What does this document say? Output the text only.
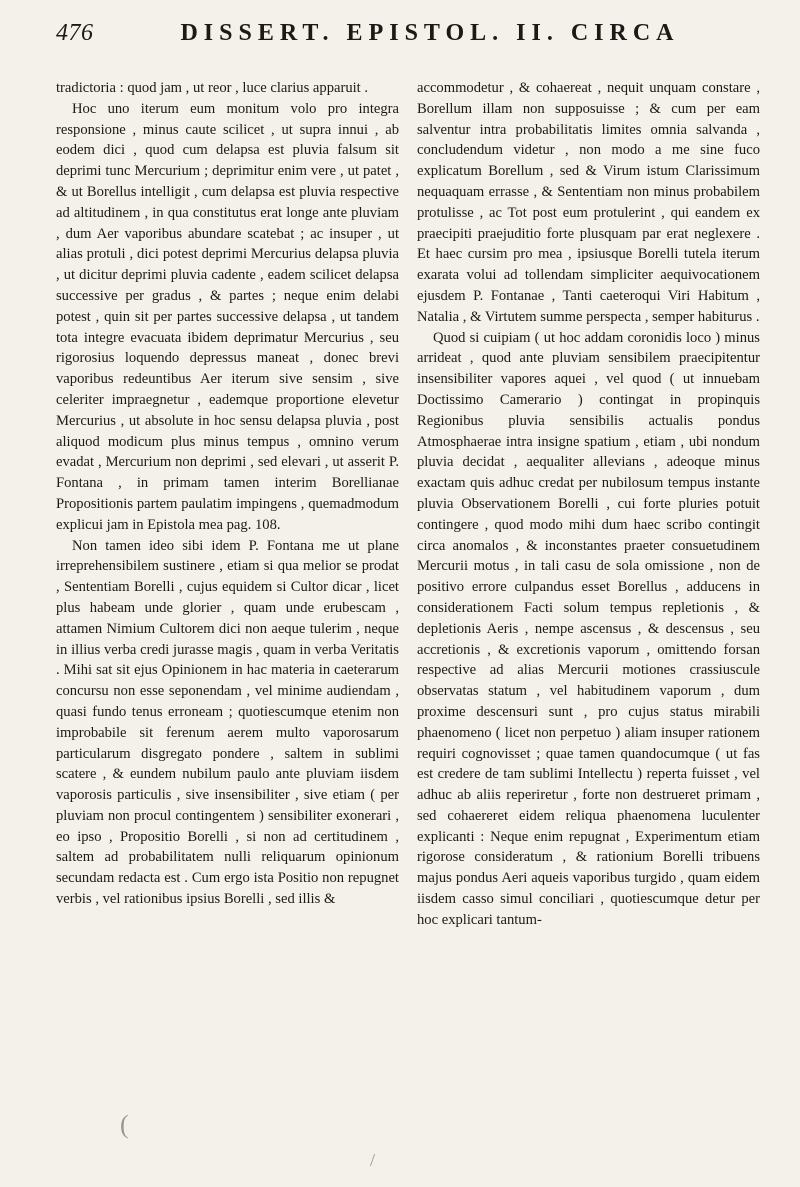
476	DISSERT. EPISTOL. II. CIRCA

tradictoria : quod jam , ut reor , luce clarius apparuit .

Hoc uno iterum eum monitum volo pro integra responsione , minus caute scilicet , ut supra innui , ab eodem dici , quod cum delapsa est pluvia falsum sit deprimi tunc Mercurium ; deprimitur enim vere , ut patet , & ut Borellus intelligit , cum delapsa est pluvia respective ad altitudinem , in qua constitutus erat longe ante pluviam , dum Aer vaporibus abundare scatebat ; ac insuper , ut alias protuli , dici potest deprimi Mercurius delapsa pluvia , ut dicitur deprimi pluvia cadente , eadem scilicet delapsa successive per gradus , & partes ; neque enim delabi potest , quin sit per partes successive delapsa , ut tandem tota integre evacuata ibidem deprimatur Mercurius , seu rigorosius loquendo depressus maneat , donec brevi vaporibus redeuntibus Aer iterum sive sensim , sive celeriter impraegnetur , eademque proportione elevetur Mercurius , ut absolute in hoc sensu delapsa pluvia , post aliquod modicum plus minus tempus , omnino verum evadat , Mercurium non deprimi , sed elevari , ut asserit P. Fontana , in primam tamen interim Borellianae Propositionis partem paulatim impingens , quemadmodum explicui jam in Epistola mea pag. 108.

Non tamen ideo sibi idem P. Fontana me ut plane irreprehensibilem sustinere , etiam si qua melior se prodat , Sententiam Borelli , cujus equidem si Cultor dicar , licet plus habeam unde glorier , quam unde erubescam , attamen Nimium Cultorem dici non aeque tulerim , neque in illius verba credi jurasse magis , quam in verba Veritatis . Mihi sat sit ejus Opinionem in hac materia in caeterarum concursu non esse seponendam , vel minime audiendam , quasi fundo tenus erroneam ; quotiescumque etenim non improbabile sit ferenum aerem multo vaporosarum particularum disgregato pondere , saltem in sublimi scatere , & eundem nubilum paulo ante pluviam iisdem vaporosis particulis , sive insensibiliter , sive etiam ( per pluviam non procul contingentem ) sensibiliter exonerari , eo ipso , Propositio Borelli , si non ad certitudinem , saltem ad probabilitatem nulli reliquarum opinionum secundam redacta est . Cum ergo ista Positio non repugnet verbis , vel rationibus ipsius Borelli , sed illis &

accommodetur , & cohaereat , nequit unquam constare , Borellum illam non supposuisse ; & cum per eam salventur intra probabilitatis limites omnia salvanda , concludendum videtur , non modo a me sine fuco explicatum Borellum , sed & Virum istum Clarissimum nequaquam errasse , & Sententiam non minus probabilem protulisse , ac Tot post eum protulerint , qui eandem ex praecipiti praejuditio forte plusquam par erat neglexere . Et haec cursim pro mea , ipsiusque Borelli tutela iterum exarata volui ad tollendam simpliciter aequivocationem ejusdem P. Fontanae , Tanti caeteroqui Viri Habitum , Natalia , & Virtutem summe perspecta , semper habiturus .

Quod si cuipiam ( ut hoc addam coronidis loco ) minus arrideat , quod ante pluviam sensibilem praecipitentur insensibiliter vapores aquei , vel quod ( ut innuebam Doctissimo Camerario ) contingat in propinquis Regionibus pluvia sensibilis actualis pondus Atmosphaerae intra insigne spatium , etiam , ubi nondum pluvia decidat , aequaliter allevians , adeoque minus exactam quis adhuc credat per nubilosum tempus instante pluvia Observationem Borelli , cui forte pluries potuit contingere , quod modo mihi dum haec scribo contingit circa anomalos , & inconstantes praeter consuetudinem Mercurii motus , in tali casu de sola omissione , non de positivo errore culpandus esset Borellus , adducens in considerationem Facti solum tempus repletionis , & depletionis Aeris , nempe ascensus , & descensus , seu accretionis , & excretionis vaporum , omittendo forsan respective ad alias Mercurii motiones crassiuscule observatas statum , vel habitudinem vaporum , dum proxime descensuri sunt , pro cujus status mirabili phaenomeno ( licet non perpetuo ) aliam insuper rationem requiri cognovisset ; quae tamen quandocumque ( ut fas est credere de tam sublimi Intellectu ) reperta fuisset , vel adhuc ab aliis reperiretur , forte non destrueret primam , sed cohaereret eidem reliqua phaenomena luculenter explicanti : Neque enim repugnat , Experimentum etiam rigorose consideratum , & rationium Borelli tribuens majus pondus Aeri aqueis vaporibus turgido , quam eidem iisdem casso simul conciliari , quotiescumque detur per hoc explicari tantum-

(
/
